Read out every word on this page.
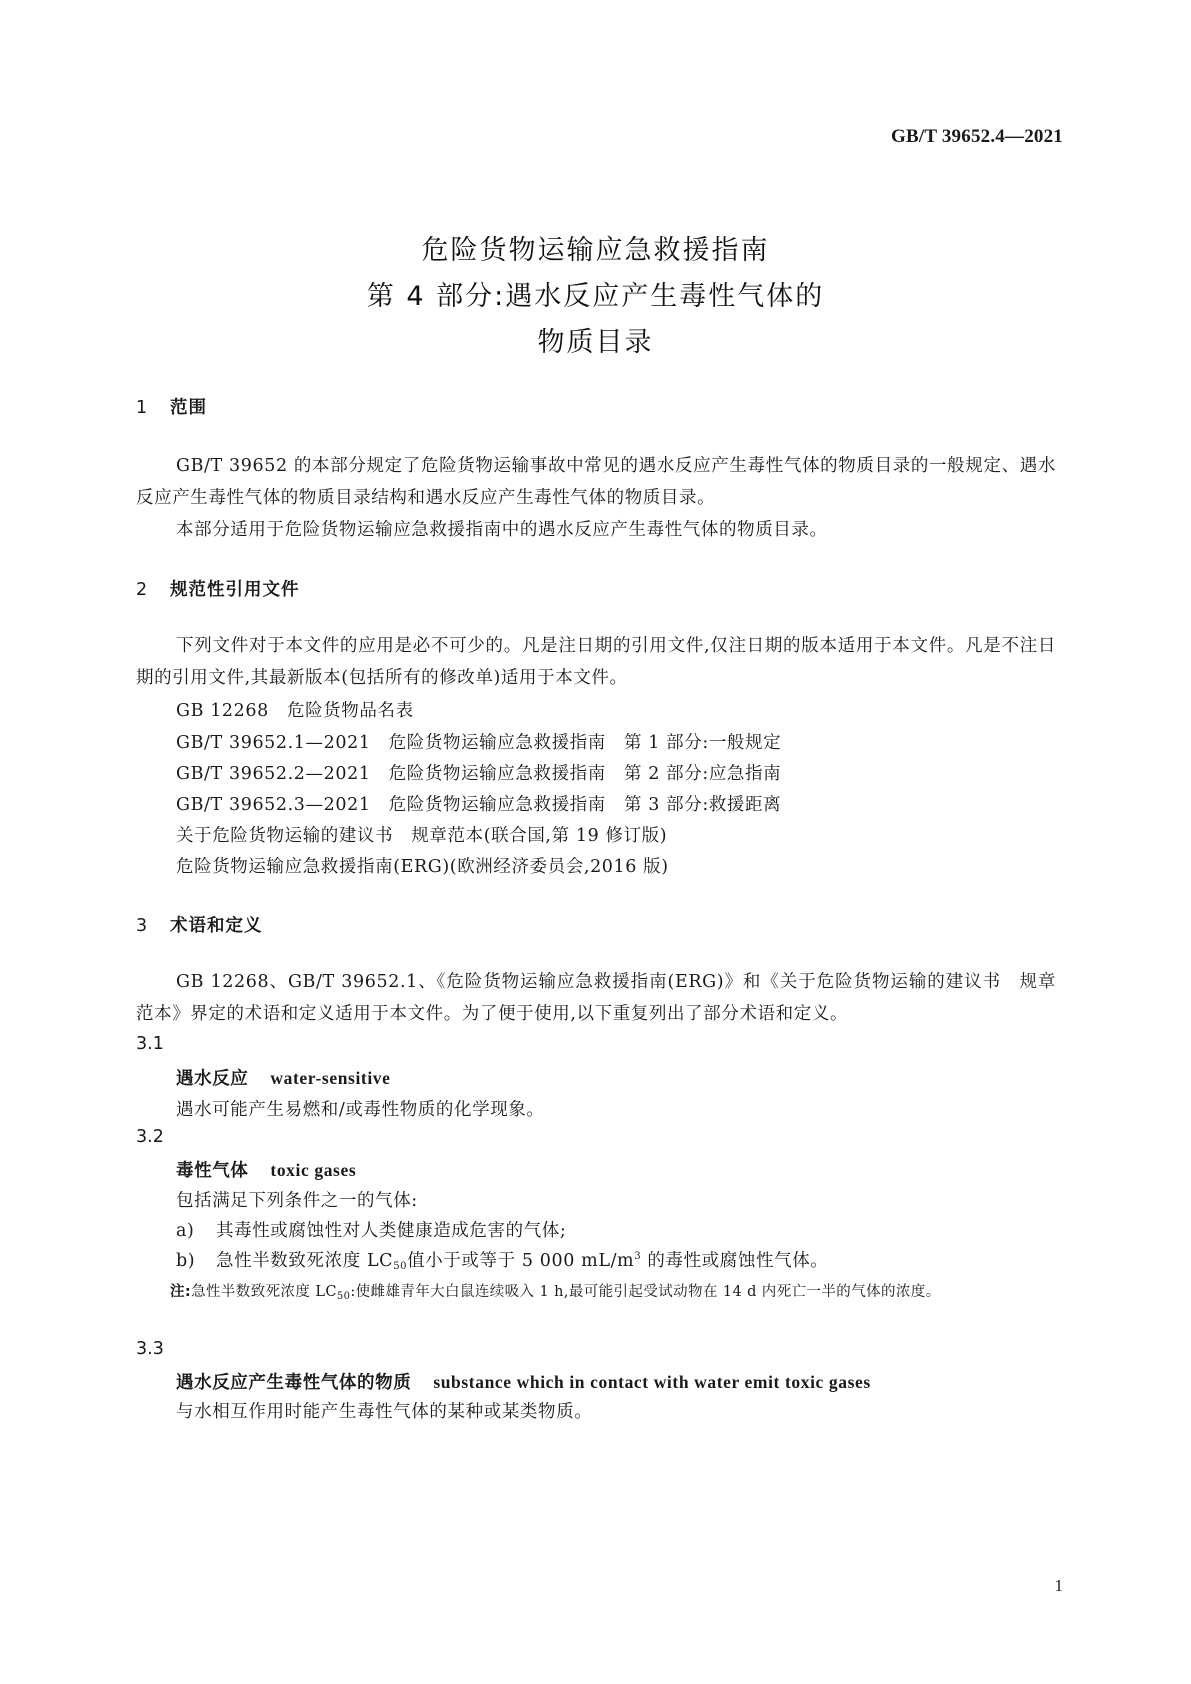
GB/T 39652.4—2021
危险货物运输应急救援指南
第 4 部分:遇水反应产生毒性气体的
物质目录
1 范围
GB/T 39652 的本部分规定了危险货物运输事故中常见的遇水反应产生毒性气体的物质目录的一般规定、遇水反应产生毒性气体的物质目录结构和遇水反应产生毒性气体的物质目录。
本部分适用于危险货物运输应急救援指南中的遇水反应产生毒性气体的物质目录。
2 规范性引用文件
下列文件对于本文件的应用是必不可少的。凡是注日期的引用文件,仅注日期的版本适用于本文件。凡是不注日期的引用文件,其最新版本(包括所有的修改单)适用于本文件。
GB 12268　危险货物品名表
GB/T 39652.1—2021　危险货物运输应急救援指南　第 1 部分:一般规定
GB/T 39652.2—2021　危险货物运输应急救援指南　第 2 部分:应急指南
GB/T 39652.3—2021　危险货物运输应急救援指南　第 3 部分:救援距离
关于危险货物运输的建议书　规章范本(联合国,第 19 修订版)
危险货物运输应急救援指南(ERG)(欧洲经济委员会,2016 版)
3 术语和定义
GB 12268、GB/T 39652.1、《危险货物运输应急救援指南(ERG)》和《关于危险货物运输的建议书　规章范本》界定的术语和定义适用于本文件。为了便于使用,以下重复列出了部分术语和定义。
3.1
遇水反应 water-sensitive
遇水可能产生易燃和/或毒性物质的化学现象。
3.2
毒性气体 toxic gases
包括满足下列条件之一的气体:
a) 其毒性或腐蚀性对人类健康造成危害的气体;
b) 急性半数致死浓度 $LC_{50}$值小于或等于 5 000 $mL/m^3$ 的毒性或腐蚀性气体。
注:急性半数致死浓度 $LC_{50}$:使雌雄青年大白鼠连续吸入 1 h,最可能引起受试动物在 14 d 内死亡一半的气体的浓度。
3.3
遇水反应产生毒性气体的物质 substance which in contact with water emit toxic gases
与水相互作用时能产生毒性气体的某种或某类物质。
1
